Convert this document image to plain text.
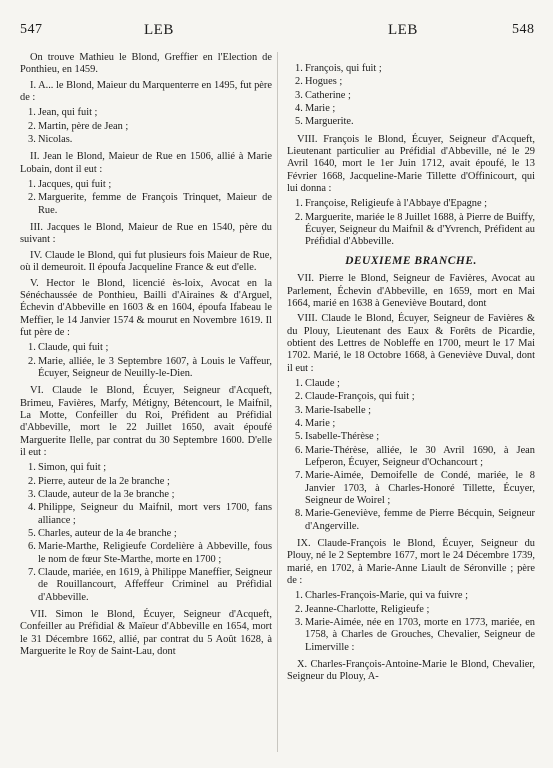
547	LEB	LEB	548

On trouve Mathieu le Blond, Greffier en l'Election de Ponthieu, en 1459.

I. A... le Blond, Maieur du Marquenterre en 1495, fut père de :

1. Jean, qui fuit ;
2. Martin, père de Jean ;
3. Nicolas.

II. Jean le Blond, Maieur de Rue en 1506, allié à Marie Lobain, dont il eut :

1. Jacques, qui fuit ;
2. Marguerite, femme de François Trinquet, Maieur de Rue.

III. Jacques le Blond, Maieur de Rue en 1540, père du suivant :

IV. Claude le Blond, qui fut plusieurs fois Maieur de Rue, où il demeuroit. Il époufa Jacqueline France & eut d'elle.

V. Hector le Blond, licencié ès-loix, Avocat en la Sénéchaussée de Ponthieu, Bailli d'Airaines & d'Arguel, Échevin d'Abbeville en 1603 & en 1604, époufa Ifabeau le Meffier, le 14 Janvier 1574 & mourut en Novembre 1619. Il fut père de :

1. Claude, qui fuit ;
2. Marie, alliée, le 3 Septembre 1607, à Louis le Vaffeur, Écuyer, Seigneur de Neuilly-le-Dien.

VI. Claude le Blond, Écuyer, Seigneur d'Acqueft, Brimeu, Favières, Marfy, Métigny, Bétencourt, le Maifnil, La Motte, Confeiller du Roi, Préfident au Préfidial d'Abbeville, mort le 22 Juillet 1650, avait époufé Marguerite Ilelle, par contrat du 30 Septembre 1600. D'elle il eut :

1. Simon, qui fuit ;
2. Pierre, auteur de la 2e branche ;
3. Claude, auteur de la 3e branche ;
4. Philippe, Seigneur du Maifnil, mort vers 1700, fans alliance ;
5. Charles, auteur de la 4e branche ;
6. Marie-Marthe, Religieufe Cordelière à Abbeville, fous le nom de fœur Ste-Marthe, morte en 1700 ;
7. Claude, mariée, en 1619, à Philippe Maneffier, Seigneur de Rouillancourt, Affeffeur Criminel au Préfidial d'Abbeville.

VII. Simon le Blond, Écuyer, Seigneur d'Acqueft, Confeiller au Préfidial & Maïeur d'Abbeville en 1654, mort le 31 Décembre 1662, allié, par contrat du 5 Août 1628, à Marguerite le Roy de Saint-Lau, dont

1. François, qui fuit ;
2. Hogues ;
3. Catherine ;
4. Marie ;
5. Marguerite.

VIII. François le Blond, Écuyer, Seigneur d'Acqueft, Lieutenant particulier au Préfidial d'Abbeville, né le 29 Avril 1640, mort le 1er Juin 1712, avait époufé, le 13 Février 1668, Jacqueline-Marie Tillette d'Offinicourt, qui lui donna :

1. Françoise, Religieufe à l'Abbaye d'Epagne ;
2. Marguerite, mariée le 8 Juillet 1688, à Pierre de Buiffy, Écuyer, Seigneur du Maifnil & d'Yvrench, Préfident au Préfidial d'Abbeville.
DEUXIEME BRANCHE.

VII. Pierre le Blond, Seigneur de Favières, Avocat au Parlement, Échevin d'Abbeville, en 1659, mort en Mai 1664, marié en 1638 à Geneviève Boutard, dont

VIII. Claude le Blond, Écuyer, Seigneur de Favières & du Plouy, Lieutenant des Eaux & Forêts de Picardie, obtient des Lettres de Nobleffe en 1700, meurt le 17 Mai 1702. Marié, le 18 Octobre 1668, à Geneviève Duval, dont il eut :

1. Claude ;
2. Claude-François, qui fuit ;
3. Marie-Isabelle ;
4. Marie ;
5. Isabelle-Thérèse ;
6. Marie-Thérèse, alliée, le 30 Avril 1690, à Jean Lefperon, Écuyer, Seigneur d'Ochancourt ;
7. Marie-Aimée, Demoifelle de Condé, mariée, le 8 Janvier 1703, à Charles-Honoré Tillette, Écuyer, Seigneur de Woirel ;
8. Marie-Geneviève, femme de Pierre Bécquin, Seigneur d'Angerville.

IX. Claude-François le Blond, Écuyer, Seigneur du Plouy, né le 2 Septembre 1677, mort le 24 Décembre 1739, marié, en 1702, à Marie-Anne Liault de Séronville ; père de :

1. Charles-François-Marie, qui va fuivre ;
2. Jeanne-Charlotte, Religieufe ;
3. Marie-Aimée, née en 1703, morte en 1773, mariée, en 1758, à Charles de Grouches, Chevalier, Seigneur de Limerville :

X. Charles-François-Antoine-Marie le Blond, Chevalier, Seigneur du Plouy, A-
